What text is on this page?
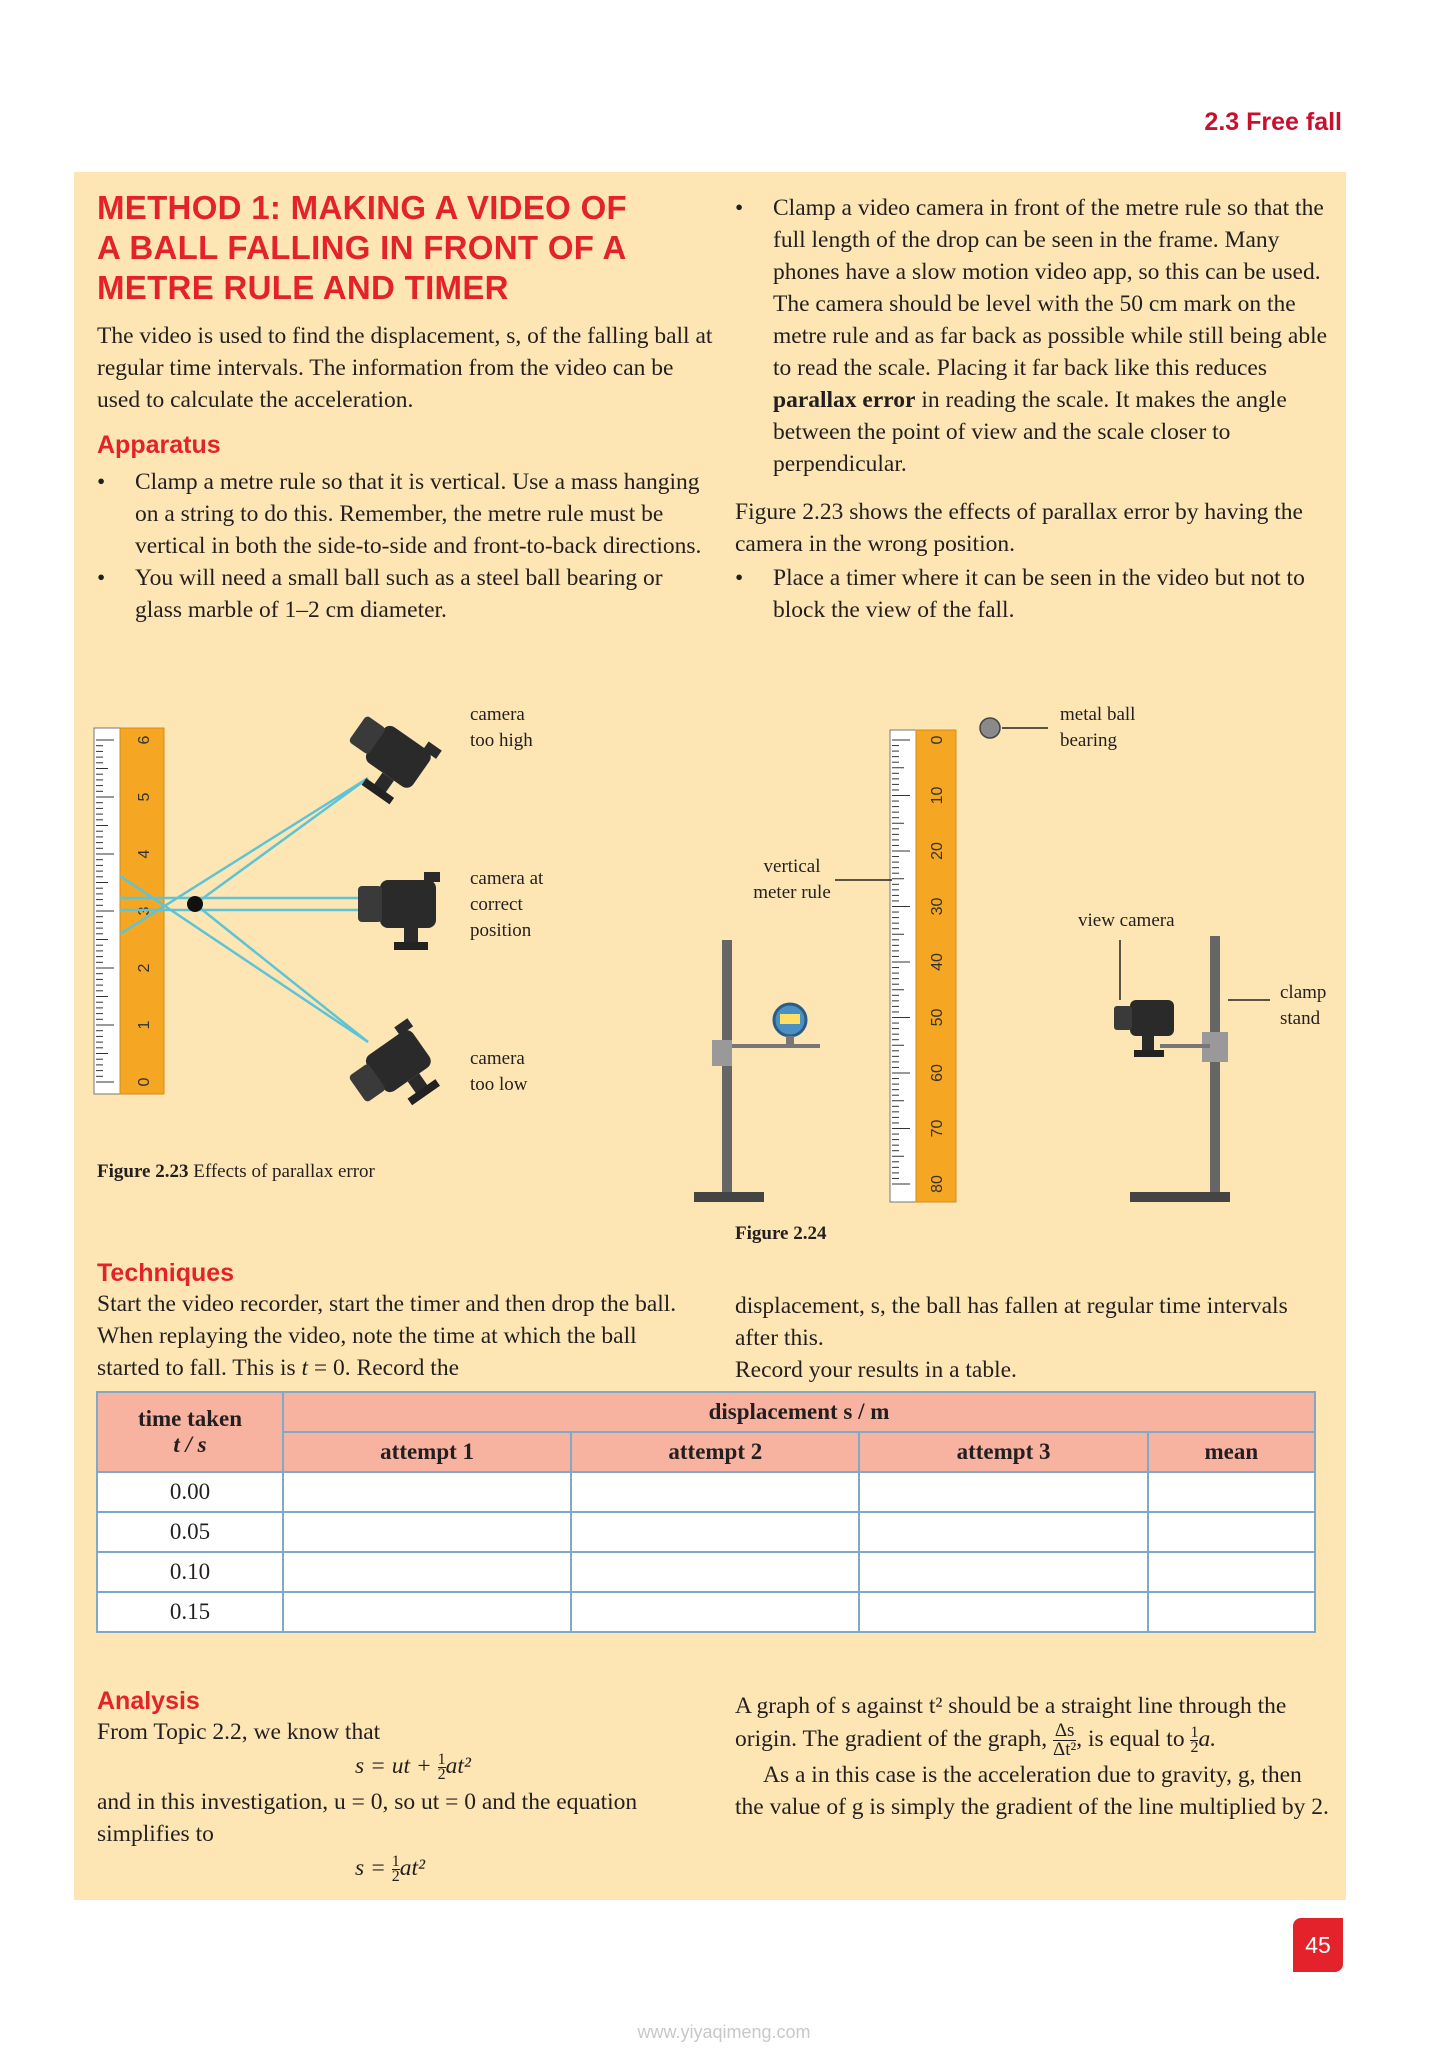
2.3 Free fall
METHOD 1: MAKING A VIDEO OF
A BALL FALLING IN FRONT OF A
METRE RULE AND TIMER

The video is used to find the displacement, s, of the falling ball at regular time intervals. The information from the video can be used to calculate the acceleration.

Apparatus
• Clamp a metre rule so that it is vertical. Use a mass hanging on a string to do this. Remember, the metre rule must be vertical in both the side-to-side and front-to-back directions.
• You will need a small ball such as a steel ball bearing or glass marble of 1–2 cm diameter.
• Clamp a video camera in front of the metre rule so that the full length of the drop can be seen in the frame. Many phones have a slow motion video app, so this can be used. The camera should be level with the 50 cm mark on the metre rule and as far back as possible while still being able to read the scale. Placing it far back like this reduces parallax error in reading the scale. It makes the angle between the point of view and the scale closer to perpendicular.

Figure 2.23 shows the effects of parallax error by having the camera in the wrong position.

• Place a timer where it can be seen in the video but not to block the view of the fall.
0
1
2
3
4
5
6
camera
too high
camera at
correct
position
camera
too low
Figure 2.23 Effects of parallax error
0
10
20
30
40
50
60
70
80
metal ball
bearing
vertical
meter rule
view camera
clamp
stand
Figure 2.24
Techniques

Start the video recorder, start the timer and then drop the ball. When replaying the video, note the time at which the ball started to fall. This is t = 0. Record the

displacement, s, the ball has fallen at regular time intervals after this.

Record your results in a table.

time taken
t / s	displacement s / m			
	attempt 1	attempt 2	attempt 3	mean
0.00				
0.05				
0.10				
0.15				
Analysis

From Topic 2.2, we know that

s = ut + $\frac{1}{2} at^2$

and in this investigation, u = 0, so ut = 0 and the equation simplifies to

$s = \frac{1}{2} at^2$

A graph of s against t² should be a straight line through the origin. The gradient of the graph, $\frac{\Delta s}{\text{Δt²}}$ , is equal to $\frac{1}{2} a$.

As a in this case is the acceleration due to gravity, g, then the value of g is simply the gradient of the line multiplied by 2.

45
www.yiyaqimeng.com
